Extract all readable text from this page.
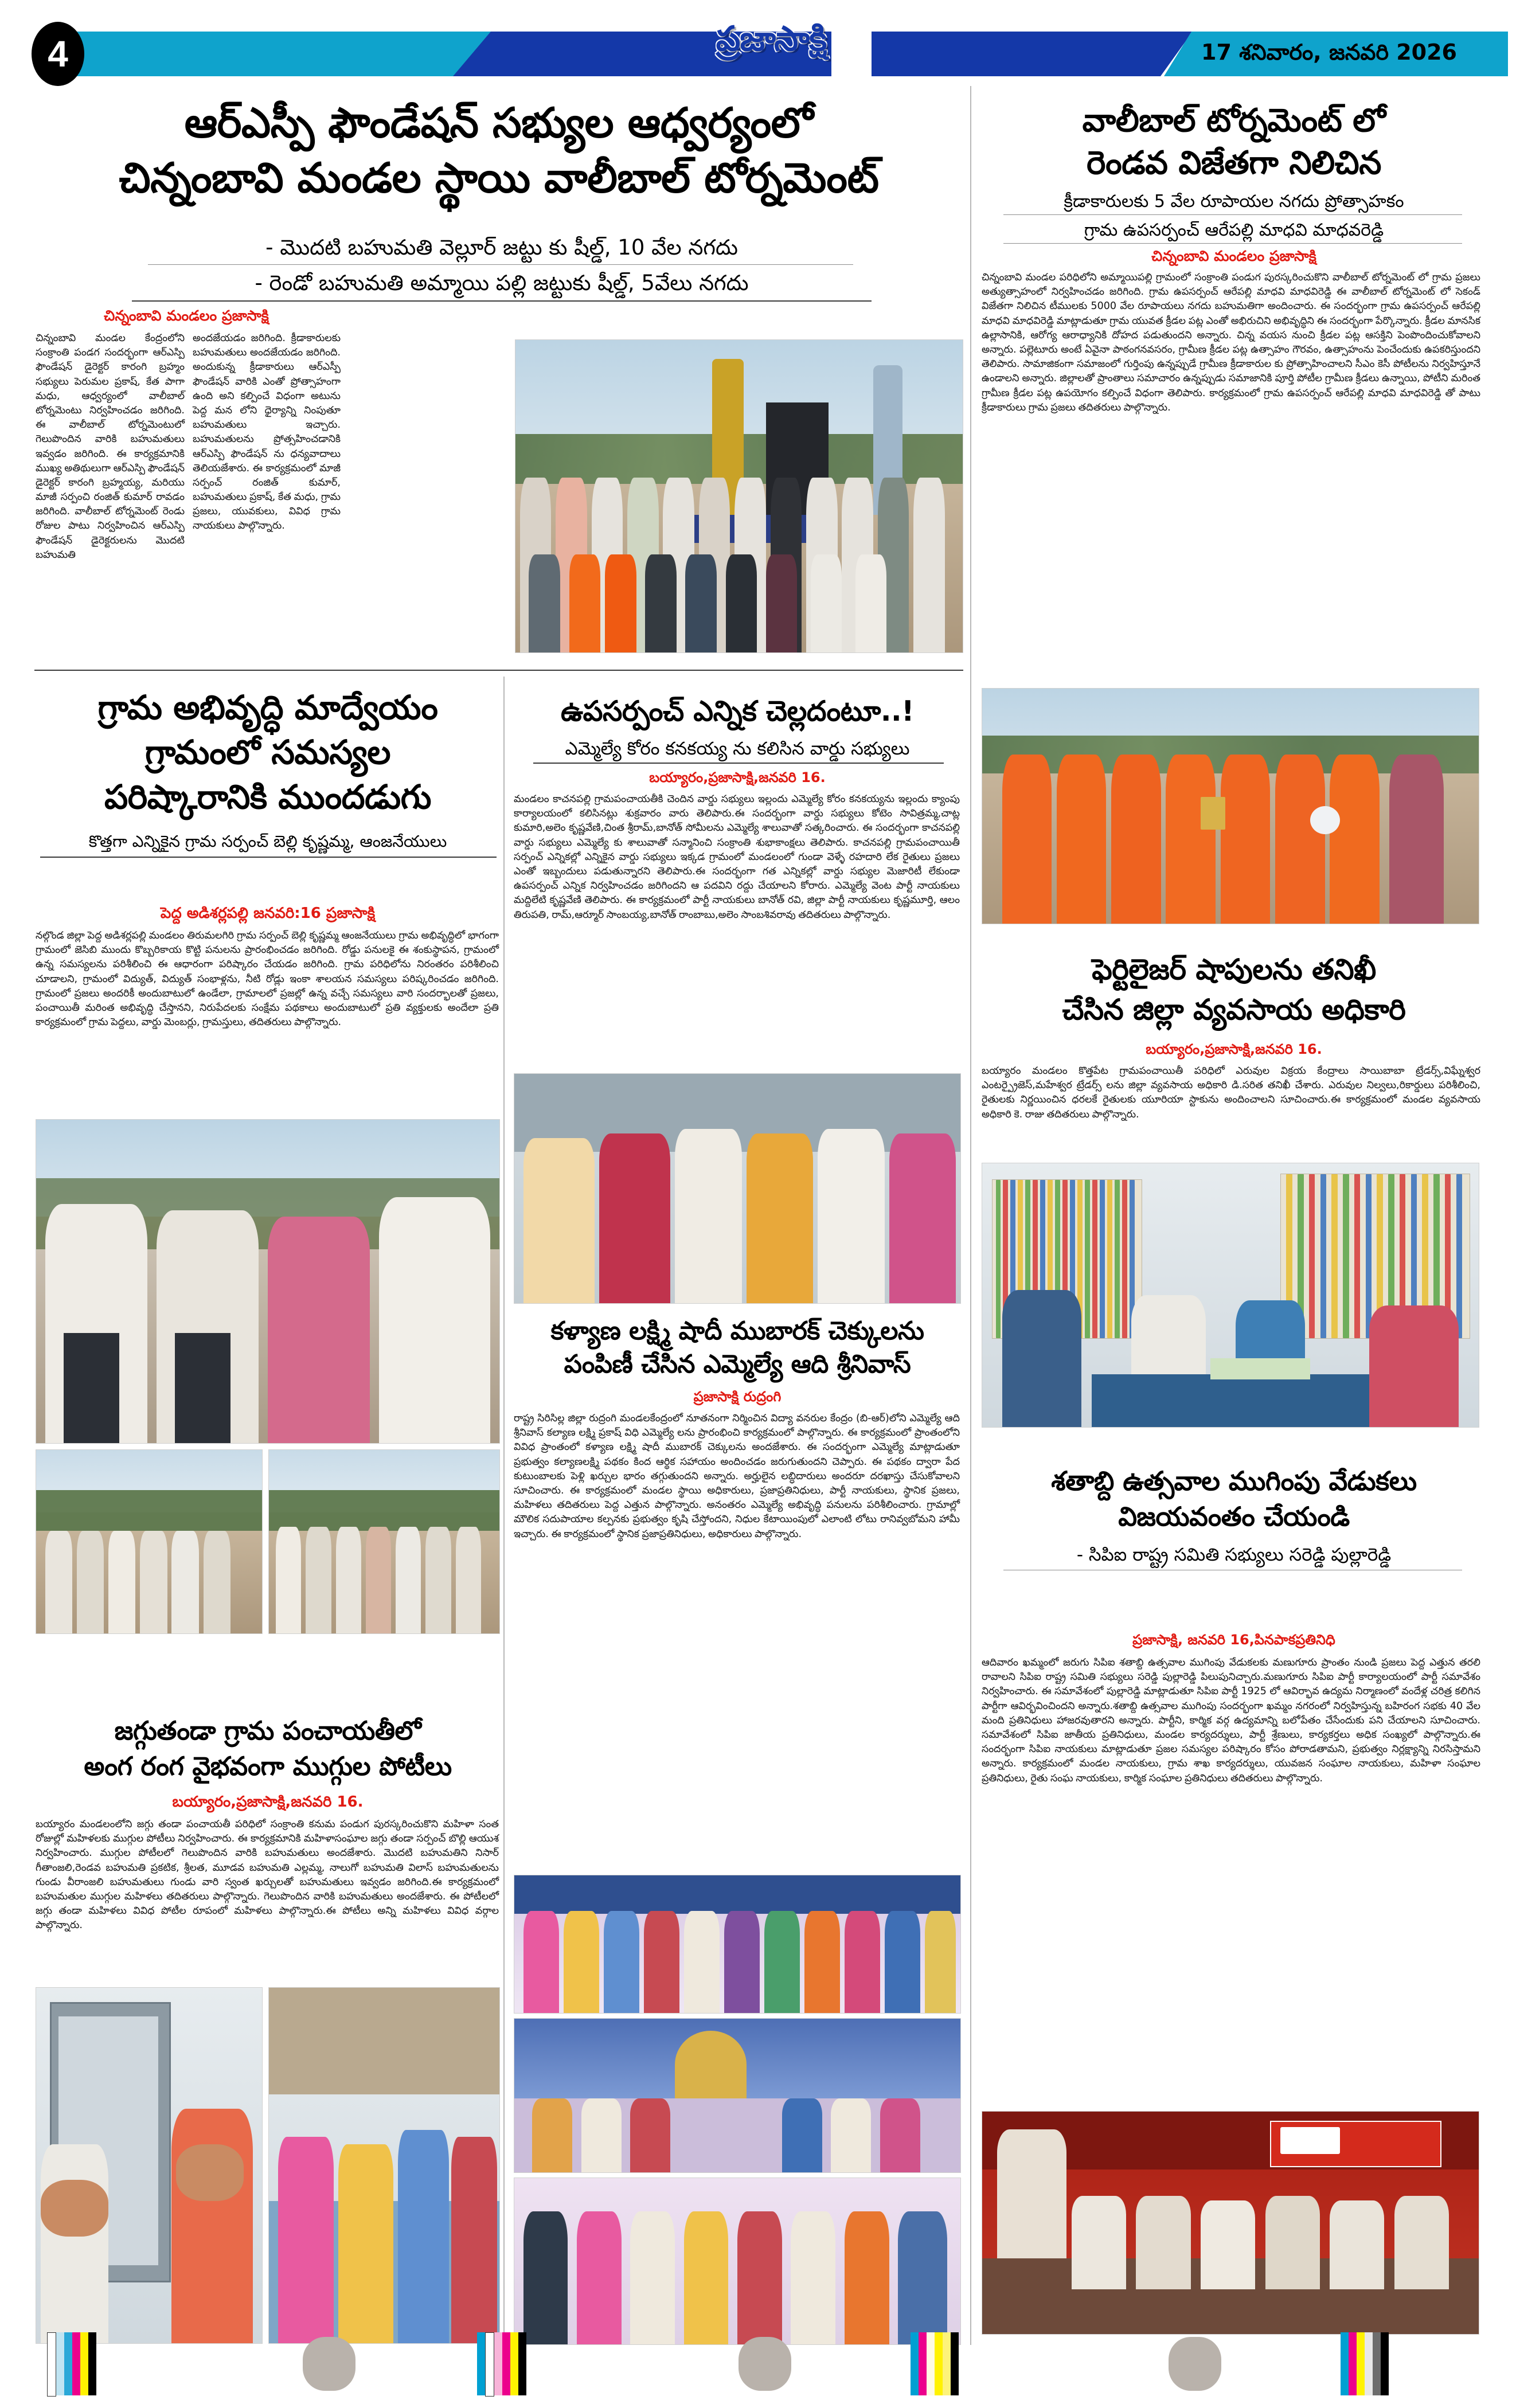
4	ప్రజాసాక్షి	17 శనివారం, జనవరి 2026
ఆర్ఎస్పీ ఫౌండేషన్ సభ్యుల ఆధ్వర్యంలో
చిన్నంబావి మండల స్థాయి వాలీబాల్ టోర్నమెంట్
- మొదటి బహుమతి వెల్లూర్ జట్టు కు షీల్డ్, 10 వేల నగదు
- రెండో బహుమతి అమ్మాయి పల్లి జట్టుకు షీల్డ్, 5వేలు నగదు
చిన్నంబావి మండలం ప్రజాసాక్షి
చిన్నంబావి మండల కేంద్రంలోని సంక్రాంతి పండగ సందర్భంగా ఆర్ఎస్పి ఫౌండేషన్ డైరెక్టర్ కారంగి బ్రహ్మం సభ్యులు పెరుమల ప్రకాష్, కేత పాగా మధు, ఆధ్వర్యంలో వాలీబాల్ టోర్నమెంటు నిర్వహించడం జరిగింది. ఈ వాలీబాల్ టోర్నమెంటులో గెలుపొందిన వారికి బహుమతులు ఇవ్వడం జరిగింది. ఈ కార్యక్రమానికి ముఖ్య అతిథులుగా ఆర్ఎస్పి ఫౌండేషన్ డైరెక్టర్ కారంగి బ్రహ్మయ్య, మరియు మాజీ సర్పంచి రంజిత్ కుమార్ రావడం జరిగింది. వాలీబాల్ టోర్నమెంట్ రెండు రోజుల పాటు నిర్వహించిన ఆర్ఎస్పి ఫౌండేషన్ డైరెక్టరులను మొదటి బహుమతి
అందజేయడం జరిగింది. క్రీడాకారులకు బహుమతులు అందజేయడం జరిగింది. అందుకున్న క్రీడాకారులు ఆర్ఎస్పీ ఫౌండేషన్ వారికి ఎంతో ప్రోత్సాహంగా ఉంది అని కల్పించే విధంగా అటును పెద్ద మన లోని ధైర్యాన్ని నింపుతూ బహుమతులు ఇచ్చారు. బహుమతులను ప్రోత్సహించడానికి ఆర్ఎస్పి ఫౌండేషన్ ను ధన్యవాదాలు తెలియజేశారు. ఈ కార్యక్రమంలో మాజీ సర్పంచ్ రంజిత్ కుమార్, బహుమతులు ప్రకాష్, కేత మధు, గ్రామ ప్రజలు, యువకులు, వివిధ గ్రామ నాయకులు పాల్గొన్నారు.
వాలీబాల్ టోర్నమెంట్ లో
రెండవ విజేతగా నిలిచిన
క్రీడాకారులకు 5 వేల రూపాయల నగదు ప్రోత్సాహకం
గ్రామ ఉపసర్పంచ్ ఆరేపల్లి మాధవి మాధవరెడ్డి
చిన్నంబావి మండలం ప్రజాసాక్షి
చిన్నంబావి మండల పరిధిలోని అమ్మాయిపల్లి గ్రామంలో సంక్రాంతి పండుగ పురస్కరించుకొని వాలీబాల్ టోర్నమెంట్ లో గ్రామ ప్రజలు అత్యుత్సాహంలో నిర్వహించడం జరిగింది. గ్రామ ఉపసర్పంచ్ ఆరేపల్లి మాధవి మాధవిరెడ్డి ఈ వాలీబాల్ టోర్నమెంట్ లో సెకండ్ విజేతగా నిలిచిన టీములకు 5000 వేల రూపాయలు నగదు బహుమతిగా అందించారు. ఈ సందర్భంగా గ్రామ ఉపసర్పంచ్ ఆరేపల్లి మాధవి మాధవిరెడ్డి మాట్లాడుతూ గ్రామ యువత క్రీడల పట్ల ఎంతో అభిరుచిని అభివృద్ధిని ఈ సందర్భంగా పేర్కొన్నారు. క్రీడల మానసిక ఉల్లాసానికి, ఆరోగ్య ఆరాధ్యానికి దోహద పడుతుందని అన్నారు. చిన్న వయస నుంచి క్రీడల పట్ల ఆసక్తిని పెంపొందించుకోవాలని అన్నారు. పల్లెటూరు అంటే ఏవైనా పాఠంగనవసరం, గ్రామీణ క్రీడల పట్ల ఉత్సాహం గౌరవం, ఉత్సాహంను పెంచేందుకు ఉపకరిస్తుందని తెలిపారు. సామాజికంగా సమాజంలో గుర్తింపు ఉన్నప్పుడే గ్రామీణ క్రీడాకారుల కు ప్రోత్సాహించాలని సీఎం కెసీ పోటీలను నిర్వహిస్తూనే ఉండాలని అన్నారు. జిల్లాలతో ప్రాంతాలు సమాచారం ఉన్నప్పుడు సమాజానికి పూర్తి పోటీల గ్రామీణ క్రీడలు ఉన్నాయి, పోటీని మరింత గ్రామీణ క్రీడల పట్ల ఉపయోగం కల్పించే విధంగా తెలిపారు. కార్యక్రమంలో గ్రామ ఉపసర్పంచ్ ఆరేపల్లి మాధవి మాధవిరెడ్డి తో పాటు క్రీడాకారులు గ్రామ ప్రజలు తదితరులు పాల్గొన్నారు.
ఫెర్టిలైజర్ షాపులను తనిఖీ
చేసిన జిల్లా వ్యవసాయ అధికారి
బయ్యారం,ప్రజాసాక్షి,జనవరి 16.
బయ్యారం మండలం కొత్తపేట గ్రామపంచాయితీ పరిధిలో ఎరువుల విక్రయ కేంద్రాలు సాయిబాబా ట్రేడర్స్,విఘ్నేశ్వర ఎంటర్ప్రైజెస్,మహేశ్వర ట్రేడర్స్ లను జిల్లా వ్యవసాయ అధికారి డి.సరిత తనిఖీ చేశారు. ఎరువుల నిల్వలు,రికార్డులు పరిశీలించి, రైతులకు నిర్ణయించిన ధరలకే రైతులకు యూరియా స్టాకును అందించాలని సూచించారు.ఈ కార్యక్రమంలో మండల వ్యవసాయ అధికారి కె. రాజు తదితరులు పాల్గొన్నారు.
శతాబ్ది ఉత్సవాల ముగింపు వేడుకలు
విజయవంతం చేయండి
- సిపిఐ రాష్ట్ర సమితి సభ్యులు సరెడ్డి పుల్లారెడ్డి
ప్రజాసాక్షి, జనవరి 16,పినపాకప్రతినిధి
ఆదివారం ఖమ్మంలో జరుగు సిపిఐ శతాబ్ది ఉత్సవాల ముగింపు వేడుకలకు మణుగూరు ప్రాంతం నుండి ప్రజలు పెద్ద ఎత్తున తరలి రావాలని సిపిఐ రాష్ట్ర సమితి సభ్యులు సరెడ్డి పుల్లారెడ్డి పిలుపునిచ్చారు.మణుగూరు సిపిఐ పార్టీ కార్యాలయంలో పార్టీ సమావేశం నిర్వహించారు. ఈ సమావేశంలో పుల్లారెడ్డి మాట్లాడుతూ సిపిఐ పార్టీ 1925 లో ఆవిర్భావ ఉద్యమ నిర్మాణంలో వందేళ్ల చరిత్ర కలిగిన పార్టీగా ఆవిర్భవించిందని అన్నారు.శతాబ్ది ఉత్సవాల ముగింపు సందర్భంగా ఖమ్మం నగరంలో నిర్వహిస్తున్న బహిరంగ సభకు 40 వేల మంది ప్రతినిధులు హాజరవుతారని అన్నారు. పార్టీని, కార్మిక వర్గ ఉద్యమాన్ని బలోపేతం చేసేందుకు పని చేయాలని సూచించారు. సమావేశంలో సిపిఐ జాతీయ ప్రతినిధులు, మండల కార్యదర్శులు, పార్టీ శ్రేణులు, కార్యకర్తలు అధిక సంఖ్యలో పాల్గొన్నారు.ఈ సందర్భంగా సిపిఐ నాయకులు మాట్లాడుతూ ప్రజల సమస్యల పరిష్కారం కోసం పోరాడతామని, ప్రభుత్వం నిర్లక్ష్యాన్ని నిరసిస్తామని అన్నారు. కార్యక్రమంలో మండల నాయకులు, గ్రామ శాఖ కార్యదర్శులు, యువజన సంఘాల నాయకులు, మహిళా సంఘాల ప్రతినిధులు, రైతు సంఘ నాయకులు, కార్మిక సంఘాల ప్రతినిధులు తదితరులు పాల్గొన్నారు.
గ్రామ అభివృద్ధి మాద్వేయం
గ్రామంలో సమస్యల
పరిష్కారానికి ముందడుగు
కొత్తగా ఎన్నికైన గ్రామ సర్పంచ్ బెల్లి కృష్ణమ్మ, ఆంజనేయులు
పెద్ద అడిశర్లపల్లి జనవరి:16 ప్రజాసాక్షి
నల్గొండ జిల్లా పెద్ద అడిశర్లపల్లి మండలం తిరుమలగిరి గ్రామ సర్పంచ్ బెల్లి కృష్ణమ్మ ఆంజనేయులు గ్రామ అభివృద్ధిలో భాగంగా గ్రామంలో జెసిబి ముందు కొబ్బరికాయ కొట్టి పనులను ప్రారంభించడం జరిగింది. రోడ్డు పనులకై ఈ శంకుస్థాపన, గ్రామంలో ఉన్న సమస్యలను పరిశీలించి ఈ ఆధారంగా పరిష్కారం చేయడం జరిగింది. గ్రామ పరిధిలోను నిరంతరం పరిశీలించి చూడాలని, గ్రామంలో విద్యుత్, విద్యుత్ సంభాళ్లను, నీటి రోడ్లు ఇంకా శాలయన సమస్యలు పరిష్కరించడం జరిగింది. గ్రామంలో ప్రజలు అందరికీ అందుబాటులో ఉండేలా, గ్రామాలలో ప్రజల్లో ఉన్న వచ్చే సమస్యలు వారి సందర్భాలతో ప్రజలు, పంచాయితీ మరింత అభివృద్ధి చేస్తానని, నిరుపేదలకు సంక్షేమ పథకాలు అందుబాటులో ప్రతి వ్యక్తులకు అందేలా ప్రతి కార్యక్రమంలో గ్రామ పెద్దలు, వార్డు మెంబర్లు, గ్రామస్తులు, తదితరులు పాల్గొన్నారు.
జగ్గుతండా గ్రామ పంచాయతీలో
అంగ రంగ వైభవంగా ముగ్గుల పోటీలు
బయ్యారం,ప్రజాసాక్షి,జనవరి 16.
బయ్యారం మండలంలోని జగ్గు తండా పంచాయతీ పరిధిలో సంక్రాంతి కనుమ పండుగ పురస్కరించుకొని మహిళా సంత రోజుల్లో మహిళలకు ముగ్గుల పోటీలు నిర్వహించారు. ఈ కార్యక్రమానికి మహిళాసంఘాల జగ్గు తండా సర్పంచ్ బొల్లి ఆయుశ నిర్వహించారు. ముగ్గుల పోటీలలో గెలుపొందిన వారికి బహుమతులు అందజేశారు. మొదటి బహుమతిని నిసార్ గీతాంజలి,రెండవ బహుమతి ప్రకటిక, శ్రీలత, మూడవ బహుమతి ఎల్లమ్మ, నాలుగో బహుమతి విలాస్ బహుమతులను గుండు వీరాంజలి బహుమతులు గుండు వారి స్వంత ఖర్చులతో బహుమతులు ఇవ్వడం జరిగింది.ఈ కార్యక్రమంలో బహుమతుల ముగ్గుల మహిళలు తదితరులు పాల్గొన్నారు. గెలుపొందిన వారికి బహుమతులు అందజేశారు. ఈ పోటీలలో జగ్గు తండా మహిళలు వివిధ పోటీల రూపంలో మహిళలు పాల్గొన్నారు.ఈ పోటీలు అన్ని మహిళలు వివిధ వర్గాల పాల్గొన్నారు.
ఉపసర్పంచ్ ఎన్నిక చెల్లదంటూ..!
ఎమ్మెల్యే కోరం కనకయ్య ను కలిసిన వార్డు సభ్యులు
బయ్యారం,ప్రజాసాక్షి,జనవరి 16.
మండలం కాచనపల్లి గ్రామపంచాయతీకి చెందిన వార్డు సభ్యులు ఇల్లందు ఎమ్మెల్యే కోరం కనకయ్యను ఇల్లందు క్యాంపు కార్యాలయంలో కలిసినట్లు శుక్రవారం వారు తెలిపారు.ఈ సందర్భంగా వార్డు సభ్యులు కోటెం సావిత్రమ్మ,చాట్ల కుమారి,అలెం కృష్ణవేణి,చింత శ్రీరామ్,బానోత్ సోమీలను ఎమ్మెల్యే శాలువాతో సత్కరించారు. ఈ సందర్భంగా కాచనపల్లి వార్డు సభ్యులు ఎమ్మెల్యే కు శాలువాతో సన్మానించి సంక్రాంతి శుభాకాంక్షలు తెలిపారు. కాచనపల్లి గ్రామపంచాయితీ సర్పంచ్ ఎన్నికల్లో ఎన్నికైన వార్డు సభ్యులు ఇక్కడ గ్రామంలో మండలంలో గుండా వెళ్ళే రహదారి లేక రైతులు ప్రజలు ఎంతో ఇబ్బందులు పడుతున్నారని తెలిపారు.ఈ సందర్భంగా గత ఎన్నికల్లో వార్డు సభ్యుల మెజారిటీ లేకుండా ఉపసర్పంచ్ ఎన్నిక నిర్వహించడం జరిగిందని ఆ పదవిని రద్దు చేయాలని కోరారు. ఎమ్మెల్యే వెంట పార్టీ నాయకులు మద్దిలేటి కృష్ణవేణి తెలిపారు. ఈ కార్యక్రమంలో పార్టీ నాయకులు బానోత్ రవి, జిల్లా పార్టీ నాయకులు కృష్ణమూర్తి, ఆలం తిరుపతి, రామ్,ఆర్మూర్ సాంబయ్య,బానోత్ రాంబాబు,అలెం సాంబశివరావు తదితరులు పాల్గొన్నారు.
కళ్యాణ లక్ష్మి షాదీ ముబారక్ చెక్కులను
పంపిణీ చేసిన ఎమ్మెల్యే ఆది శ్రీనివాస్
ప్రజాసాక్షి రుద్రంగి
రాష్ట్ర సిరిసిల్ల జిల్లా రుద్రంగి మండలకేంద్రంలో నూతనంగా నిర్మించిన విద్యా వనరుల కేంద్రం (బి-ఆర్)లోని ఎమ్మెల్యే ఆది శ్రీనివాస్ కల్యాణ లక్ష్మి ప్రకాష్ విధి ఎమ్మెల్యే లను ప్రారంభించి కార్యక్రమంలో పాల్గొన్నారు. ఈ కార్యక్రమంలో ప్రాంతంలోని వివిధ ప్రాంతంలో కళ్యాణ లక్ష్మి షాదీ ముబారక్ చెక్కులను అందజేశారు. ఈ సందర్భంగా ఎమ్మెల్యే మాట్లాడుతూ ప్రభుత్వం కల్యాణలక్ష్మి పథకం కింద ఆర్థిక సహాయం అందించడం జరుగుతుందని చెప్పారు. ఈ పథకం ద్వారా పేద కుటుంబాలకు పెళ్లి ఖర్చుల భారం తగ్గుతుందని అన్నారు. అర్హులైన లబ్ధిదారులు అందరూ దరఖాస్తు చేసుకోవాలని సూచించారు. ఈ కార్యక్రమంలో మండల స్థాయి అధికారులు, ప్రజాప్రతినిధులు, పార్టీ నాయకులు, స్థానిక ప్రజలు, మహిళలు తదితరులు పెద్ద ఎత్తున పాల్గొన్నారు. అనంతరం ఎమ్మెల్యే అభివృద్ధి పనులను పరిశీలించారు. గ్రామాల్లో మౌలిక సదుపాయాల కల్పనకు ప్రభుత్వం కృషి చేస్తోందని, నిధుల కేటాయింపులో ఎలాంటి లోటు రానివ్వబోమని హామీ ఇచ్చారు. ఈ కార్యక్రమంలో స్థానిక ప్రజాప్రతినిధులు, అధికారులు పాల్గొన్నారు.
